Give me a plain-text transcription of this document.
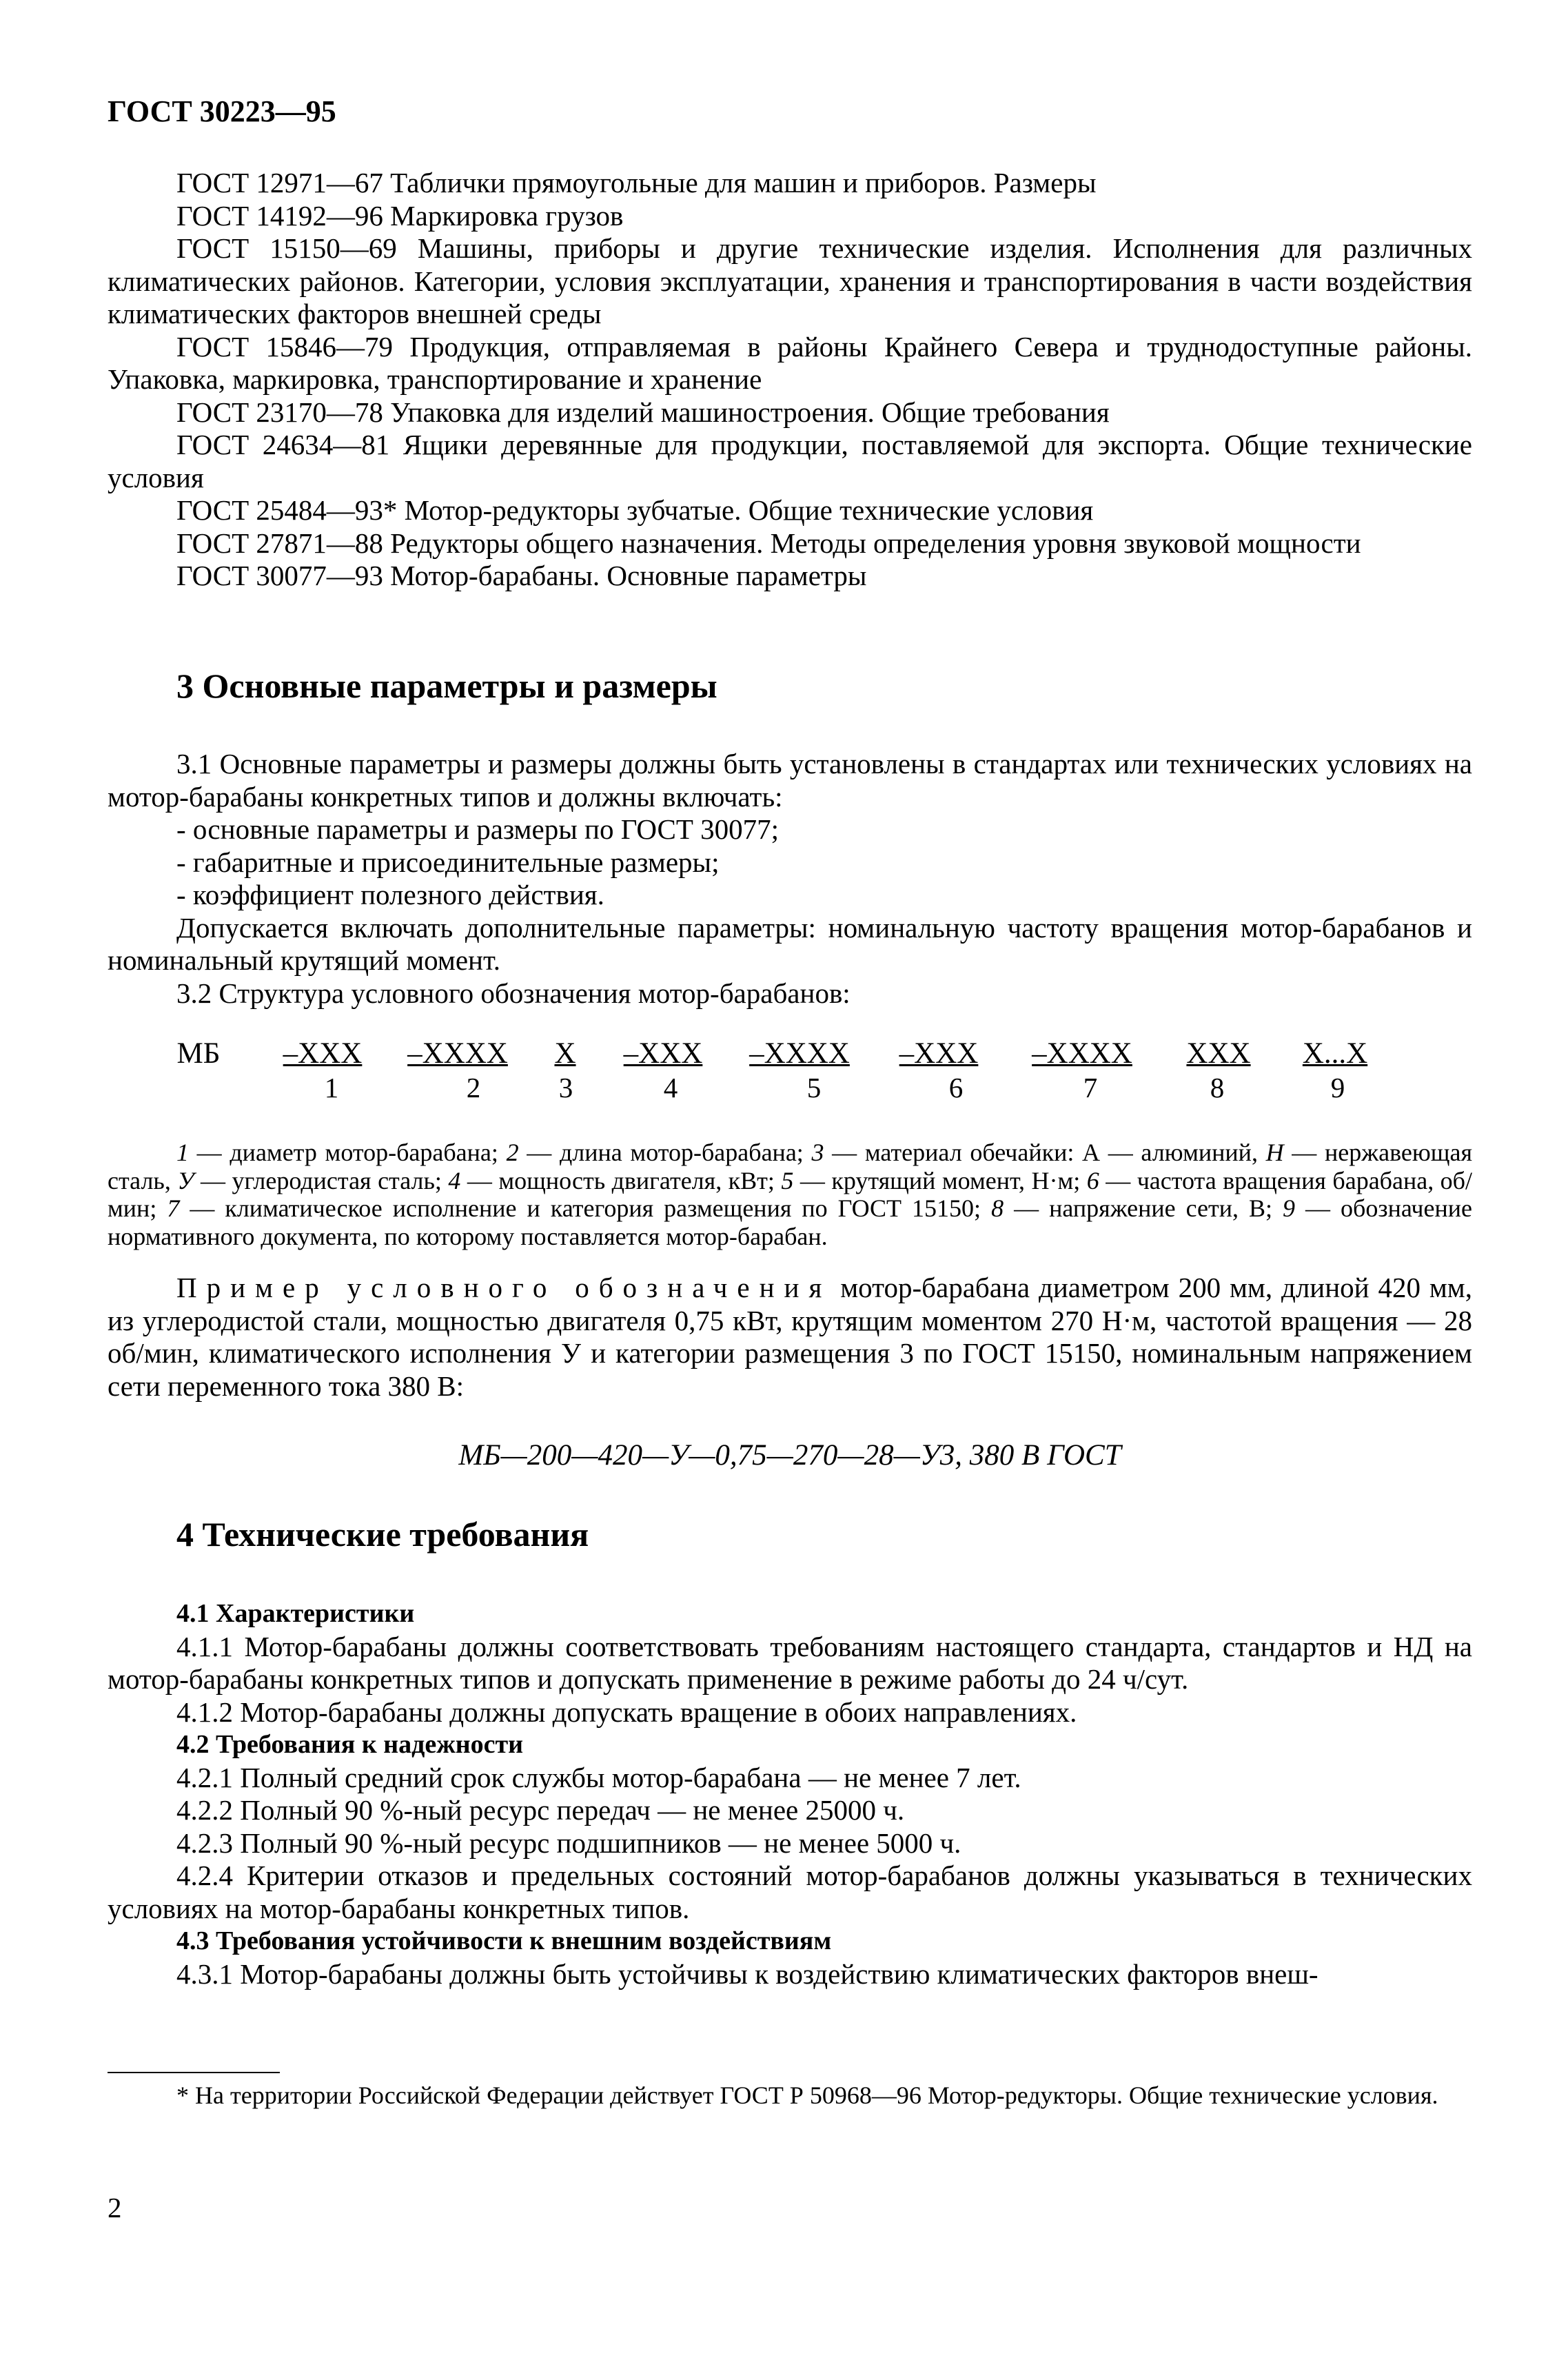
ГОСТ 30223—95

ГОСТ 12971—67 Таблички прямоугольные для машин и приборов. Размеры

ГОСТ 14192—96 Маркировка грузов

ГОСТ 15150—69 Машины, приборы и другие технические изделия. Исполнения для различных климатических районов. Категории, условия эксплуатации, хранения и транспортирования в части воздействия климатических факторов внешней среды

ГОСТ 15846—79 Продукция, отправляемая в районы Крайнего Севера и труднодоступные районы. Упаковка, маркировка, транспортирование и хранение

ГОСТ 23170—78 Упаковка для изделий машиностроения. Общие требования

ГОСТ 24634—81 Ящики деревянные для продукции, поставляемой для экспорта. Общие технические условия

ГОСТ 25484—93* Мотор-редукторы зубчатые. Общие технические условия

ГОСТ 27871—88 Редукторы общего назначения. Методы определения уровня звуковой мощности

ГОСТ 30077—93 Мотор-барабаны. Основные параметры

3 Основные параметры и размеры

3.1 Основные параметры и размеры должны быть установлены в стандартах или технических условиях на мотор-барабаны конкретных типов и должны включать:

- основные параметры и размеры по ГОСТ 30077;

- габаритные и присоединительные размеры;

- коэффициент полезного действия.

Допускается включать дополнительные параметры: номинальную частоту вращения мотор-барабанов и номинальный крутящий момент.

3.2 Структура условного обозначения мотор-барабанов:

МБ –XXX –XXXX X –XXX –XXXX –XXX –XXXX XXX X...X
1	2	3	4	5	6	7	8	9

1 — диаметр мотор-барабана; 2 — длина мотор-барабана; 3 — материал обечайки: А — алюминий, Н — нержавеющая сталь, У — углеродистая сталь; 4 — мощность двигателя, кВт; 5 — крутящий момент, Н·м; 6 — частота вращения барабана, об/мин; 7 — климатическое исполнение и категория размещения по ГОСТ 15150; 8 — напряжение сети, В; 9 — обозначение нормативного документа, по которому поставляется мотор-барабан.

Пример условного обозначения мотор-барабана диаметром 200 мм, длиной 420 мм, из углеродистой стали, мощностью двигателя 0,75 кВт, крутящим моментом 270 Н·м, частотой вращения — 28 об/мин, климатического исполнения У и категории размещения 3 по ГОСТ 15150, номинальным напряжением сети переменного тока 380 В:

МБ—200—420—У—0,75—270—28—У3, 380 В ГОСТ
4 Технические требования

4.1 Характеристики

4.1.1 Мотор-барабаны должны соответствовать требованиям настоящего стандарта, стандартов и НД на мотор-барабаны конкретных типов и допускать применение в режиме работы до 24 ч/сут.

4.1.2 Мотор-барабаны должны допускать вращение в обоих направлениях.

4.2 Требования к надежности

4.2.1 Полный средний срок службы мотор-барабана — не менее 7 лет.

4.2.2 Полный 90 %-ный ресурс передач — не менее 25000 ч.

4.2.3 Полный 90 %-ный ресурс подшипников — не менее 5000 ч.

4.2.4 Критерии отказов и предельных состояний мотор-барабанов должны указываться в технических условиях на мотор-барабаны конкретных типов.

4.3 Требования устойчивости к внешним воздействиям

4.3.1 Мотор-барабаны должны быть устойчивы к воздействию климатических факторов внеш-

* На территории Российской Федерации действует ГОСТ Р 50968—96 Мотор-редукторы. Общие технические условия.

2
